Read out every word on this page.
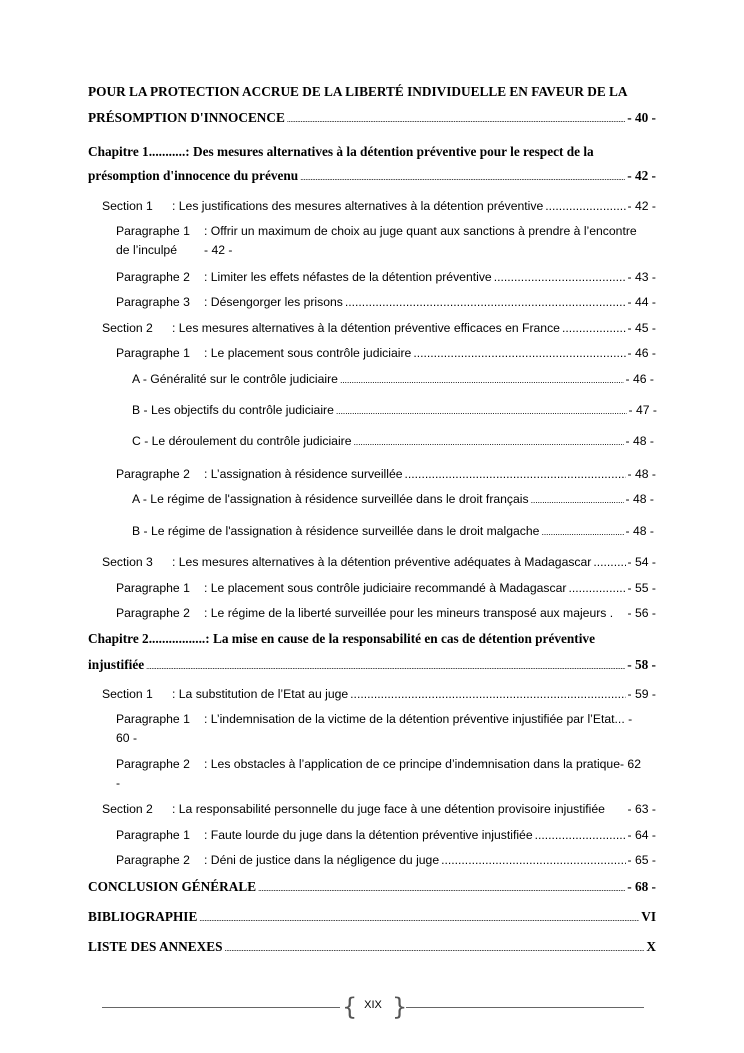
POUR LA PROTECTION ACCRUE DE LA LIBERTÉ INDIVIDUELLE EN FAVEUR DE LA
PRÉSOMPTION D'INNOCENCE .....	- 40 -
Chapitre 1...........: Des mesures alternatives à la détention préventive pour le respect de la
présomption d'innocence du prévenu .....	- 42 -
Section 1	: Les justifications des mesures alternatives à la détention préventive .....	- 42 -
Paragraphe 1	: Offrir un maximum de choix au juge quant aux sanctions à prendre à l’encontre
de l’inculpé	- 42 -
Paragraphe 2	: Limiter les effets néfastes de la détention préventive .....	- 43 -
Paragraphe 3	: Désengorger les prisons .....	- 44 -
Section 2	: Les mesures alternatives à la détention préventive efficaces en France .....	- 45 -
Paragraphe 1	: Le placement sous contrôle judiciaire .....	- 46 -
A - Généralité sur le contrôle judiciaire .....	- 46 -
B - Les objectifs du contrôle judiciaire .....	- 47 -
C - Le déroulement du contrôle judiciaire .....	- 48 -
Paragraphe 2	: L’assignation à résidence surveillée .....	- 48 -
A - Le régime de l'assignation à résidence surveillée dans le droit français .....	- 48 -
B - Le régime de l'assignation à résidence surveillée dans le droit malgache .....	- 48 -
Section 3	: Les mesures alternatives à la détention préventive adéquates à Madagascar .....	- 54 -
Paragraphe 1	: Le placement sous contrôle judiciaire recommandé à Madagascar .....	- 55 -
Paragraphe 2	: Le régime de la liberté surveillée pour les mineurs transposé aux majeurs . - 56 -
Chapitre 2.................: La mise en cause de la responsabilité en cas de détention préventive
injustifiée .....	- 58 -
Section 1	: La substitution de l’Etat au juge .....	- 59 -
Paragraphe 1	: L’indemnisation de la victime de la détention préventive injustifiée par l’Etat... -
60 -
Paragraphe 2	: Les obstacles à l’application de ce principe d’indemnisation dans la pratique- 62
-
Section 2	: La responsabilité personnelle du juge face à une détention provisoire injustifiée - 63 -
Paragraphe 1	: Faute lourde du juge dans la détention préventive injustifiée .....	- 64 -
Paragraphe 2	: Déni de justice dans la négligence du juge .....	- 65 -
CONCLUSION GÉNÉRALE .....	- 68 -
BIBLIOGRAPHIE .....	VI
LISTE DES ANNEXES .....	X
{ XIX }
